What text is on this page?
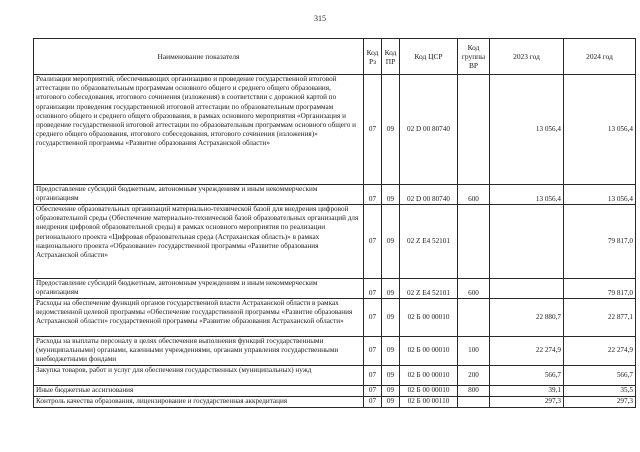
315
Наименование показателя	Код Рз	Код ПР	Код ЦСР	Код группы ВР	2023 год	2024 год
Реализация мероприятий, обеспечивающих организацию и проведение государственной итоговой аттестации по образовательным программам основного общего и среднего общего образования, итогового собеседования, итогового сочинения (изложения) в соответствии с дорожной картой по организации проведения государственной итоговой аттестации по образовательным программам основного общего и среднего общего образования, в рамках основного мероприятия «Организация и проведение государственной итоговой аттестации по образовательным программам основного общего и среднего общего образования, итогового собеседования, итогового сочинения (изложения)» государственной программы «Развитие образования Астраханской области»	07	09	02 D 00 80740		13 056,4	13 056,4
Предоставление субсидий бюджетным, автономным учреждениям и иным некоммерческим организациям	07	09	02 D 00 80740	600	13 056,4	13 056,4
Обеспечение образовательных организаций материально-технической базой для внедрения цифровой образовательной среды (Обеспечение материально-технической базой образовательных организаций для внедрения цифровой образовательной среды) в рамках основного мероприятия по реализации регионального проекта «Цифровая образовательная среда (Астраханская область)» в рамках национального проекта «Образование» государственной программы «Развитие образования Астраханской области»	07	09	02 Z E4 52101			79 817,0
Предоставление субсидий бюджетным, автономным учреждениям и иным некоммерческим организациям	07	09	02 Z E4 52101	600		79 817,0
Расходы на обеспечение функций органов государственной власти Астраханской области в рамках ведомственной целевой программы «Обеспечение государственной программы «Развитие образования Астраханской области» государственной программы «Развитие образования Астраханской области»	07	09	02 Б 00 00010		22 880,7	22 877,1
Расходы на выплаты персоналу в целях обеспечения выполнения функций государственными (муниципальными) органами, казенными учреждениями, органами управления государственными внебюджетными фондами	07	09	02 Б 00 00010	100	22 274,9	22 274,9
Закупка товаров, работ и услуг для обеспечения государственных (муниципальных) нужд	07	09	02 Б 00 00010	200	566,7	566,7
Иные бюджетные ассигнования	07	09	02 Б 00 00010	800	39,1	35,5
Контроль качества образования, лицензирование и государственная аккредитация	07	09	02 Б 00 00110		297,3	297,3
